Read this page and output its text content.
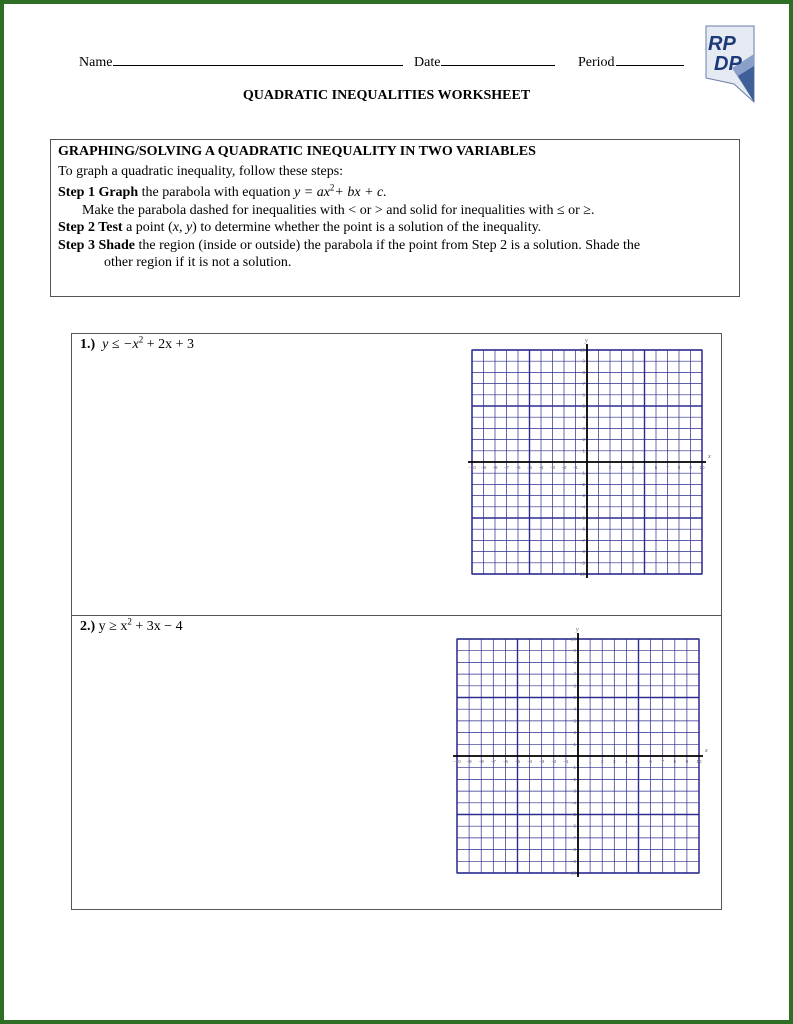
Name	Date	Period
RP
DP
QUADRATIC INEQUALITIES WORKSHEET
GRAPHING/SOLVING A QUADRATIC INEQUALITY IN TWO VARIABLES
To graph a quadratic inequality, follow these steps:
Step 1 Graph the parabola with equation $y = ax^2+$ bx + c.
Make the parabola dashed for inequalities with < or > and solid for inequalities with ≤ or ≥.
Step 2 Test a point (x, y) to determine whether the point is a solution of the inequality.
Step 3 Shade the region (inside or outside) the parabola if the point from Step 2 is a solution. Shade the
other region if it is not a solution.
1.) $y \le -x^2 + 2x + 3$
x
y
−10 −9 −8 −7 −6 −5 −4 −3 −2 −1	1 2 3 4 5 6 7 8 9 10
10
9
8
7
6
5
4
3
2
1
−1
−2
−3
−4
−5
−6
−7
−8
−9
−10
2.) $y \ge x^2 + 3x - 4$
x
y
−10 −9 −8 −7 −6 −5 −4 −3 −2 −1	1 2 3 4 5 6 7 8 9 10
10
9
8
7
6
5
4
3
2
1
−1
−2
−3
−4
−5
−6
−7
−8
−9
−10
